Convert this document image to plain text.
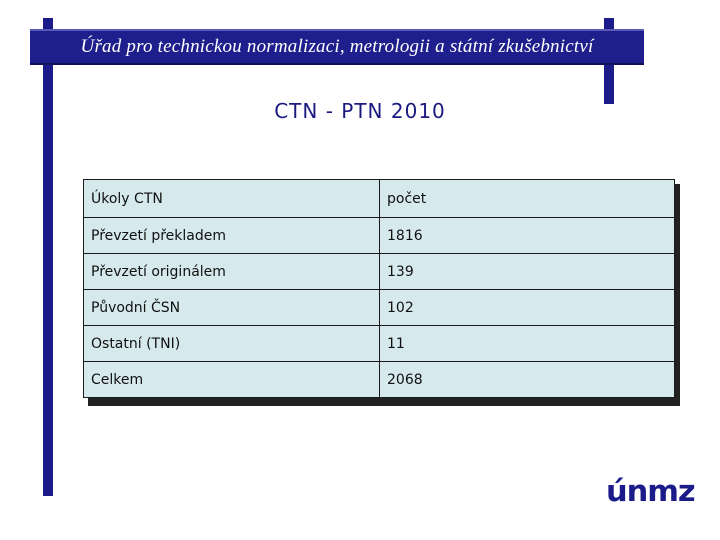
Úřad pro technickou normalizaci, metrologii a státní zkušebnictví
CTN - PTN 2010
Úkoly CTN	počet
Převzetí překladem	1816
Převzetí originálem	139
Původní ČSN	102
Ostatní (TNI)	11
Celkem	2068
únmz
